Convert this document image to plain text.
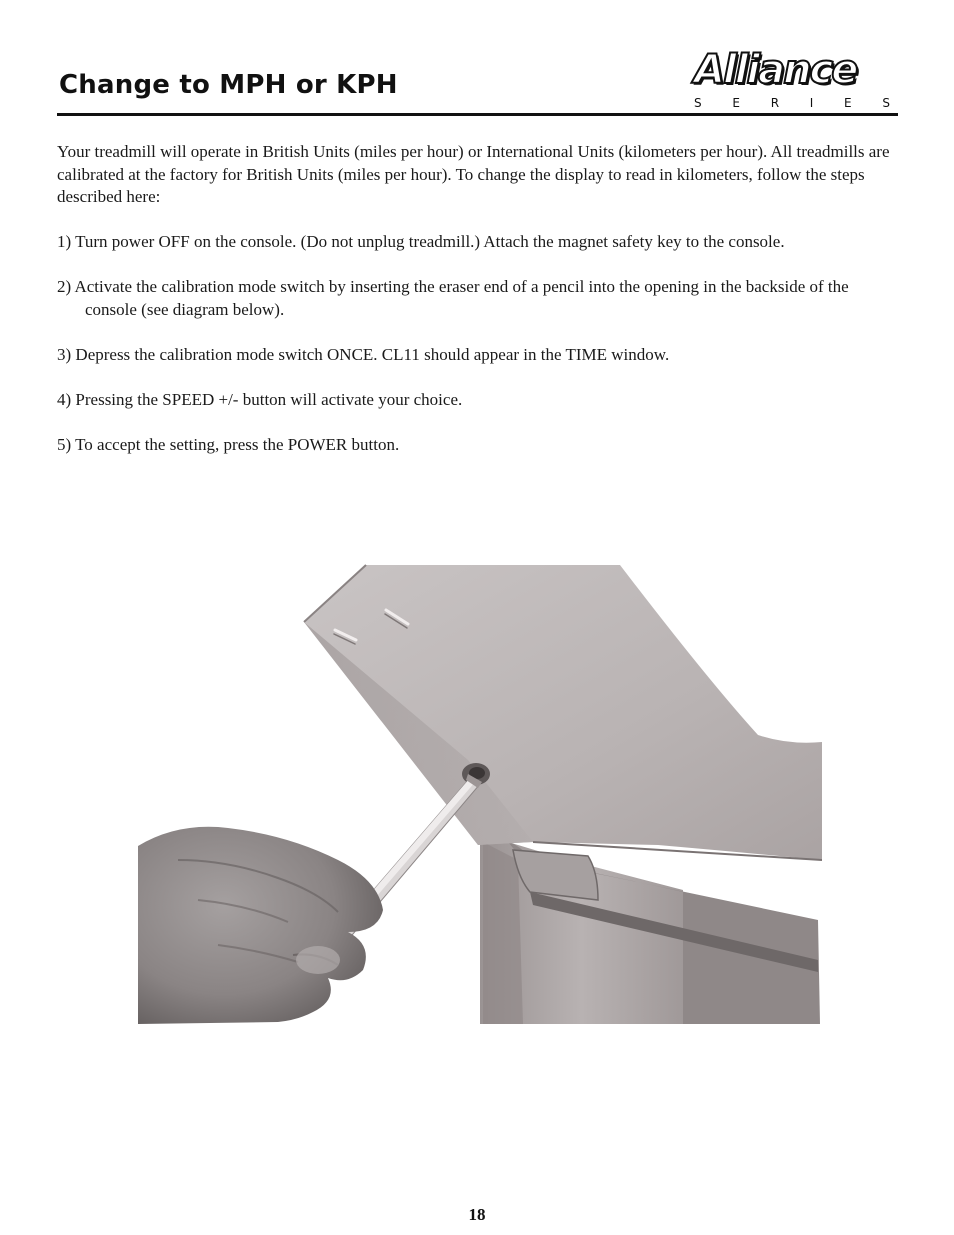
Change to MPH or KPH	Alliance
S	E	R	I	E	S

Your treadmill will operate in British Units (miles per hour) or International Units (kilometers per hour). All treadmills are calibrated at the factory for British Units (miles per hour). To change the display to read in kilometers, follow the steps described here:

1) Turn power OFF on the console. (Do not unplug treadmill.) Attach the magnet safety key to the console.
2) Activate the calibration mode switch by inserting the eraser end of a pencil into the opening in the backside of the console (see diagram below).
3) Depress the calibration mode switch ONCE. CL11 should appear in the TIME window.
4) Pressing the SPEED +/- button will activate your choice.
5) To accept the setting, press the POWER button.
18
